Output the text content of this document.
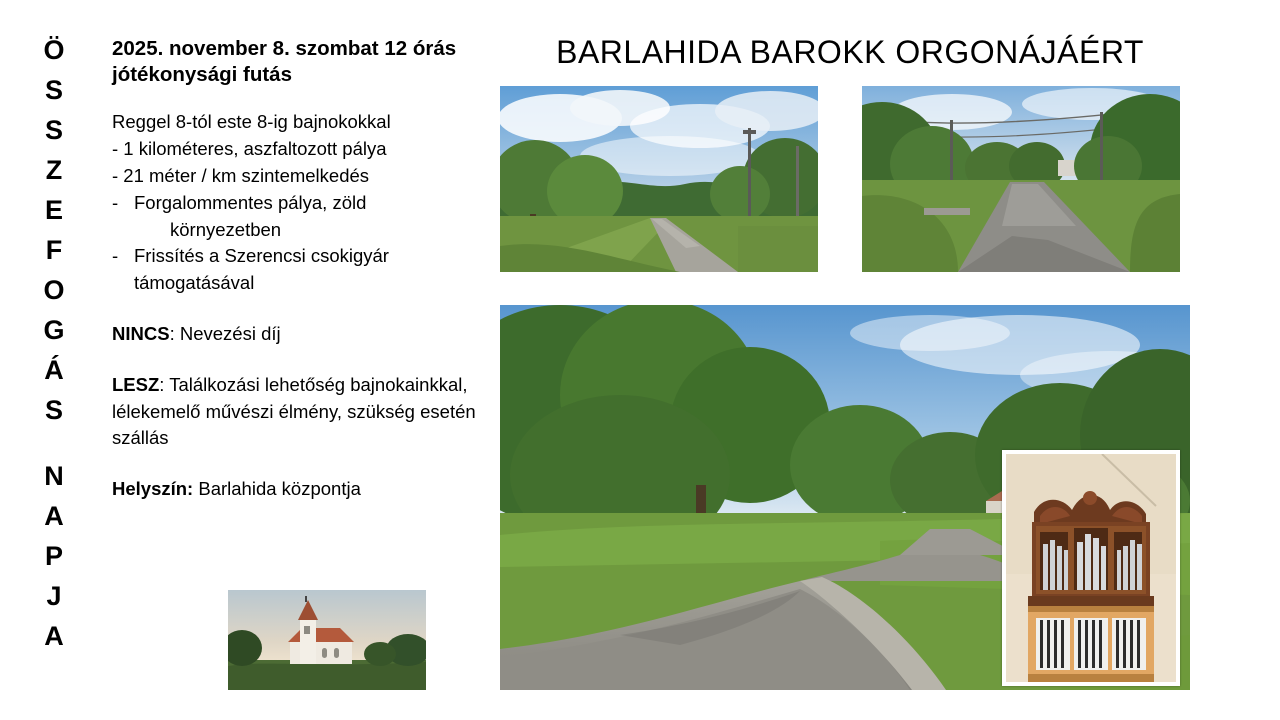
Ö
S
S
Z
E
F
O
G
Á
S
N
A
P
J
A
2025. november 8. szombat 12 órás jótékonysági futás
Reggel 8-tól este 8-ig bajnokokkal
- 1 kilométeres, aszfaltozott pálya
- 21 méter / km szintemelkedés
- Forgalommentes pálya, zöld
környezetben
- Frissítés a Szerencsi csokigyár
támogatásával
NINCS: Nevezési díj
LESZ: Találkozási lehetőség bajnokainkkal, lélekemelő művészi élmény, szükség esetén szállás
Helyszín: Barlahida központja
BARLAHIDA BAROKK ORGONÁJÁÉRT
